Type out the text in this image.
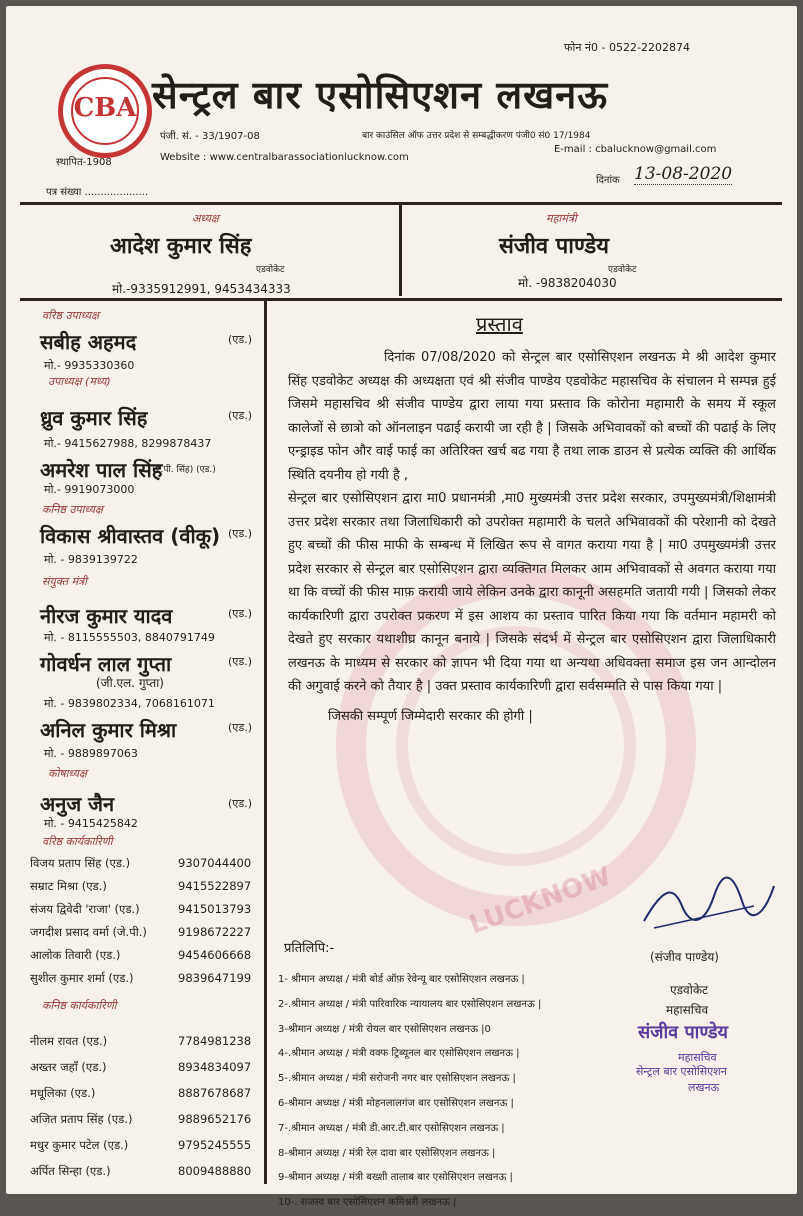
LUCKNOW
फोन नं0 - 0522-2202874
CBA सेन्ट्रल बार एसोसिएशन लखनऊ
पंजी. सं. - 33/1907-08	बार काउंसिल ऑफ उत्तर प्रदेश से सम्बद्धीकरण पंजी0 सं0 17/1984
स्थापित-1908	Website : www.centralbarassociationlucknow.com
E-mail : cbalucknow@gmail.com
पत्र संख्या ....................
दिनांक 13-08-2020
अध्यक्ष
आदेश कुमार सिंह
एडवोकेट
मो.-9335912991, 9453434333
महामंत्री
संजीव पाण्डेय
एडवोकेट
मो. -9838204030
वरिष्ठ उपाध्यक्ष
सबीह अहमद	(एड.)
मो.- 9935330360
उपाध्यक्ष (मध्य)
ध्रुव कुमार सिंह	(एड.)
मो.- 9415627988, 8299878437
अमरेश पाल सिंह
(ए.पी. सिंह) (एड.)
मो.- 9919073000
कनिष्ठ उपाध्यक्ष
विकास श्रीवास्तव (वीकू) (एड.)
मो. - 9839139722
संयुक्त मंत्री
नीरज कुमार यादव	(एड.)
मो. - 8115555503, 8840791749
गोवर्धन लाल गुप्ता	(एड.)
(जी.एल. गुप्ता)
मो. - 9839802334, 7068161071
अनिल कुमार मिश्रा	(एड.)
मो. - 9889897063
कोषाध्यक्ष
अनुज जैन	(एड.)
मो. - 9415425842
वरिष्ठ कार्यकारिणी
विजय प्रताप सिंह (एड.)	9307044400
सम्राट मिश्रा (एड.)	9415522897
संजय द्विवेदी 'राजा' (एड.)	9415013793
जगदीश प्रसाद वर्मा (जे.पी.)	9198672227
आलोक तिवारी (एड.)	9454606668
सुशील कुमार शर्मा (एड.)	9839647199
कनिष्ठ कार्यकारिणी
नीलम रावत (एड.)	7784981238
अख्तर जहाँ (एड.)	8934834097
मधूलिका (एड.)	8887678687
अजित प्रताप सिंह (एड.)	9889652176
मधुर कुमार पटेल (एड.)	9795245555
अर्पित सिन्हा (एड.)	8009488880
प्रस्ताव

दिनांक 07/08/2020 को सेन्ट्रल बार एसोसिएशन लखनऊ मे श्री आदेश कुमार सिंह एडवोकेट अध्यक्ष की अध्यक्षता एवं श्री संजीव पाण्डेय एडवोकेट महासचिव के संचालन मे सम्पन्न हुई जिसमे महासचिव श्री संजीव पाण्डेय द्वारा लाया गया प्रस्ताव कि कोरोना महामारी के समय में स्कूल कालेजों से छात्रो को ऑनलाइन पढाई करायी जा रही है | जिसके अभिवावकों को बच्चों की पढाई के लिए एन्ड्राइड फोन और वाई फाई का अतिरिक्त खर्च बढ गया है तथा लाक डाउन से प्रत्येक व्यक्ति की आर्थिक स्थिति दयनीय हो गयी है ,

सेन्ट्रल बार एसोसिएशन द्वारा मा0 प्रधानमंत्री ,मा0 मुख्यमंत्री उत्तर प्रदेश सरकार, उपमुख्यमंत्री/शिक्षामंत्री उत्तर प्रदेश सरकार तथा जिलाधिकारी को उपरोक्त महामारी के चलते अभिवावकों की परेशानी को देखते हुए बच्चों की फीस माफी के सम्बन्ध में लिखित रूप से वागत कराया गया है | मा0 उपमुख्यमंत्री उत्तर प्रदेश सरकार से सेन्ट्रल बार एसोसिएशन द्वारा व्यक्तिगत मिलकर आम अभिवावकों से अवगत कराया गया था कि वच्चों की फीस माफ़ करायी जाये लेकिन उनके द्वारा कानूनी असहमति जतायी गयी | जिसको लेकर कार्यकारिणी द्वारा उपरोक्त प्रकरण में इस आशय का प्रस्ताव पारित किया गया कि वर्तमान महामरी को देखते हुए सरकार यथाशीघ्र कानून बनाये | जिसके संदर्भ में सेन्ट्रल बार एसोसिएशन द्वारा जिलाधिकारी लखनऊ के माध्यम से सरकार को ज्ञापन भी दिया गया था अन्यथा अधिवक्ता समाज इस जन आन्दोलन की अगुवाई करने को तैयार है | उक्त प्रस्ताव कार्यकारिणी द्वारा सर्वसम्मति से पास किया गया |

जिसकी सम्पूर्ण जिम्मेदारी सरकार की होगी |

(संजीव पाण्डेय)
एडवोकेट
महासचिव
संजीव पाण्डेय
महासचिव
सेन्ट्रल बार एसोसिएशन
लखनऊ
प्रतिलिपि:-
1- श्रीमान अध्यक्ष / मंत्री बोर्ड ऑफ़ रेवेन्यू बार एसोसिएशन लखनऊ |
2-.श्रीमान अध्यक्ष / मंत्री पारिवारिक न्यायालय बार एसोसिएशन लखनऊ |
3-श्रीमान अध्यक्ष / मंत्री रोयल बार एसोसिएशन लखनऊ |0
4-.श्रीमान अध्यक्ष / मंत्री वक्फ ट्रिब्यूनल बार एसोसिएशन लखनऊ |
5-.श्रीमान अध्यक्ष / मंत्री सरोजनी नगर बार एसोसिएशन लखनऊ |
6-श्रीमान अध्यक्ष / मंत्री मोहनलालगंज बार एसोसिएशन लखनऊ |
7-.श्रीमान अध्यक्ष / मंत्री डी.आर.टी.बार एसोसिएशन लखनऊ |
8-श्रीमान अध्यक्ष / मंत्री रेल दावा बार एसोसिएशन लखनऊ |
9-श्रीमान अध्यक्ष / मंत्री बख्शी तालाब बार एसोसिएशन लखनऊ |
10-. राजस्व बार एसोसिएशन कमिश्नरी लखनऊ |
